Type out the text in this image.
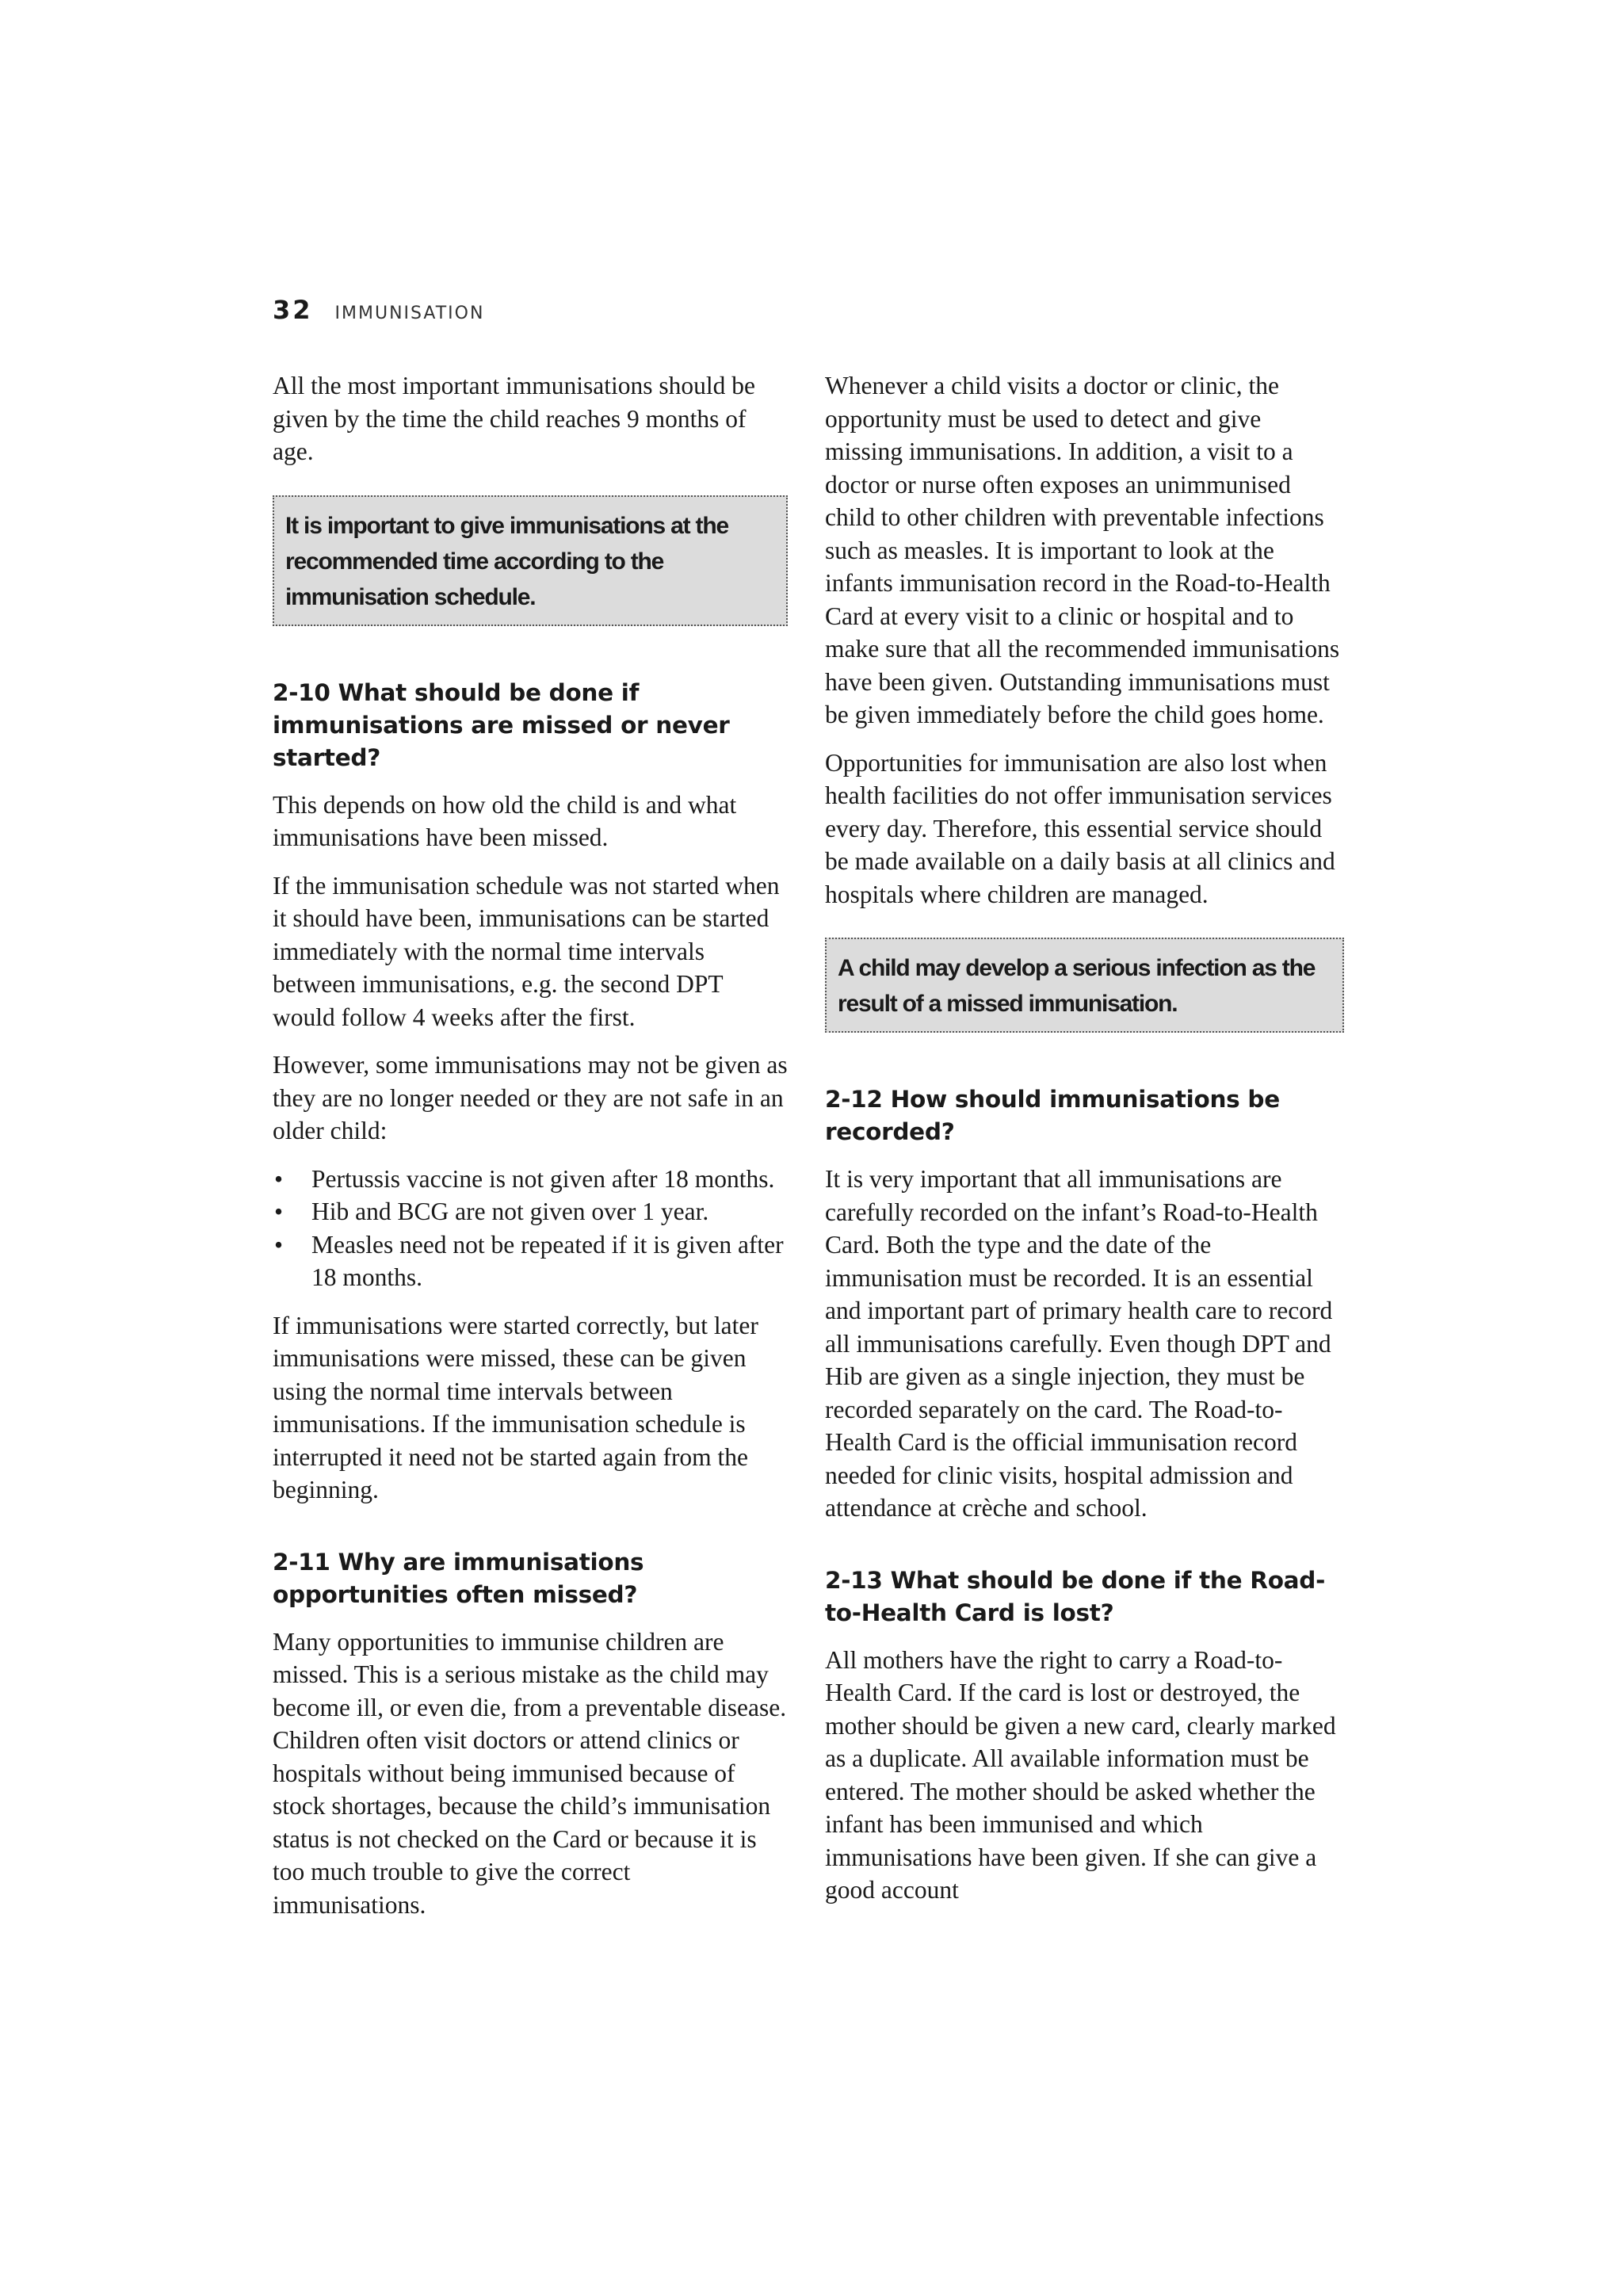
32 IMMUNISATION

All the most important immunisations should be given by the time the child reaches 9 months of age.

It is important to give immunisations at the recommended time according to the immunisation schedule.
2-10 What should be done if immunisations are missed or never started?

This depends on how old the child is and what immunisations have been missed.

If the immunisation schedule was not started when it should have been, immunisations can be started immediately with the normal time intervals between immunisations, e.g. the second DPT would follow 4 weeks after the first.

However, some immunisations may not be given as they are no longer needed or they are not safe in an older child:

• Pertussis vaccine is not given after 18 months.
• Hib and BCG are not given over 1 year.
• Measles need not be repeated if it is given after 18 months.

If immunisations were started correctly, but later immunisations were missed, these can be given using the normal time intervals between immunisations. If the immunisation schedule is interrupted it need not be started again from the beginning.

2-11 Why are immunisations opportunities often missed?

Many opportunities to immunise children are missed. This is a serious mistake as the child may become ill, or even die, from a preventable disease. Children often visit doctors or attend clinics or hospitals without being immunised because of stock shortages, because the child’s immunisation status is not checked on the Card or because it is too much trouble to give the correct immunisations.

Whenever a child visits a doctor or clinic, the opportunity must be used to detect and give missing immunisations. In addition, a visit to a doctor or nurse often exposes an unimmunised child to other children with preventable infections such as measles. It is important to look at the infants immunisation record in the Road-to-Health Card at every visit to a clinic or hospital and to make sure that all the recommended immunisations have been given. Outstanding immunisations must be given immediately before the child goes home.

Opportunities for immunisation are also lost when health facilities do not offer immunisation services every day. Therefore, this essential service should be made available on a daily basis at all clinics and hospitals where children are managed.

A child may develop a serious infection as the result of a missed immunisation.
2-12 How should immunisations be recorded?

It is very important that all immunisations are carefully recorded on the infant’s Road-to-Health Card. Both the type and the date of the immunisation must be recorded. It is an essential and important part of primary health care to record all immunisations carefully. Even though DPT and Hib are given as a single injection, they must be recorded separately on the card. The Road-to-Health Card is the official immunisation record needed for clinic visits, hospital admission and attendance at crèche and school.

2-13 What should be done if the Road-to-Health Card is lost?

All mothers have the right to carry a Road-to-Health Card. If the card is lost or destroyed, the mother should be given a new card, clearly marked as a duplicate. All available information must be entered. The mother should be asked whether the infant has been immunised and which immunisations have been given. If she can give a good account
